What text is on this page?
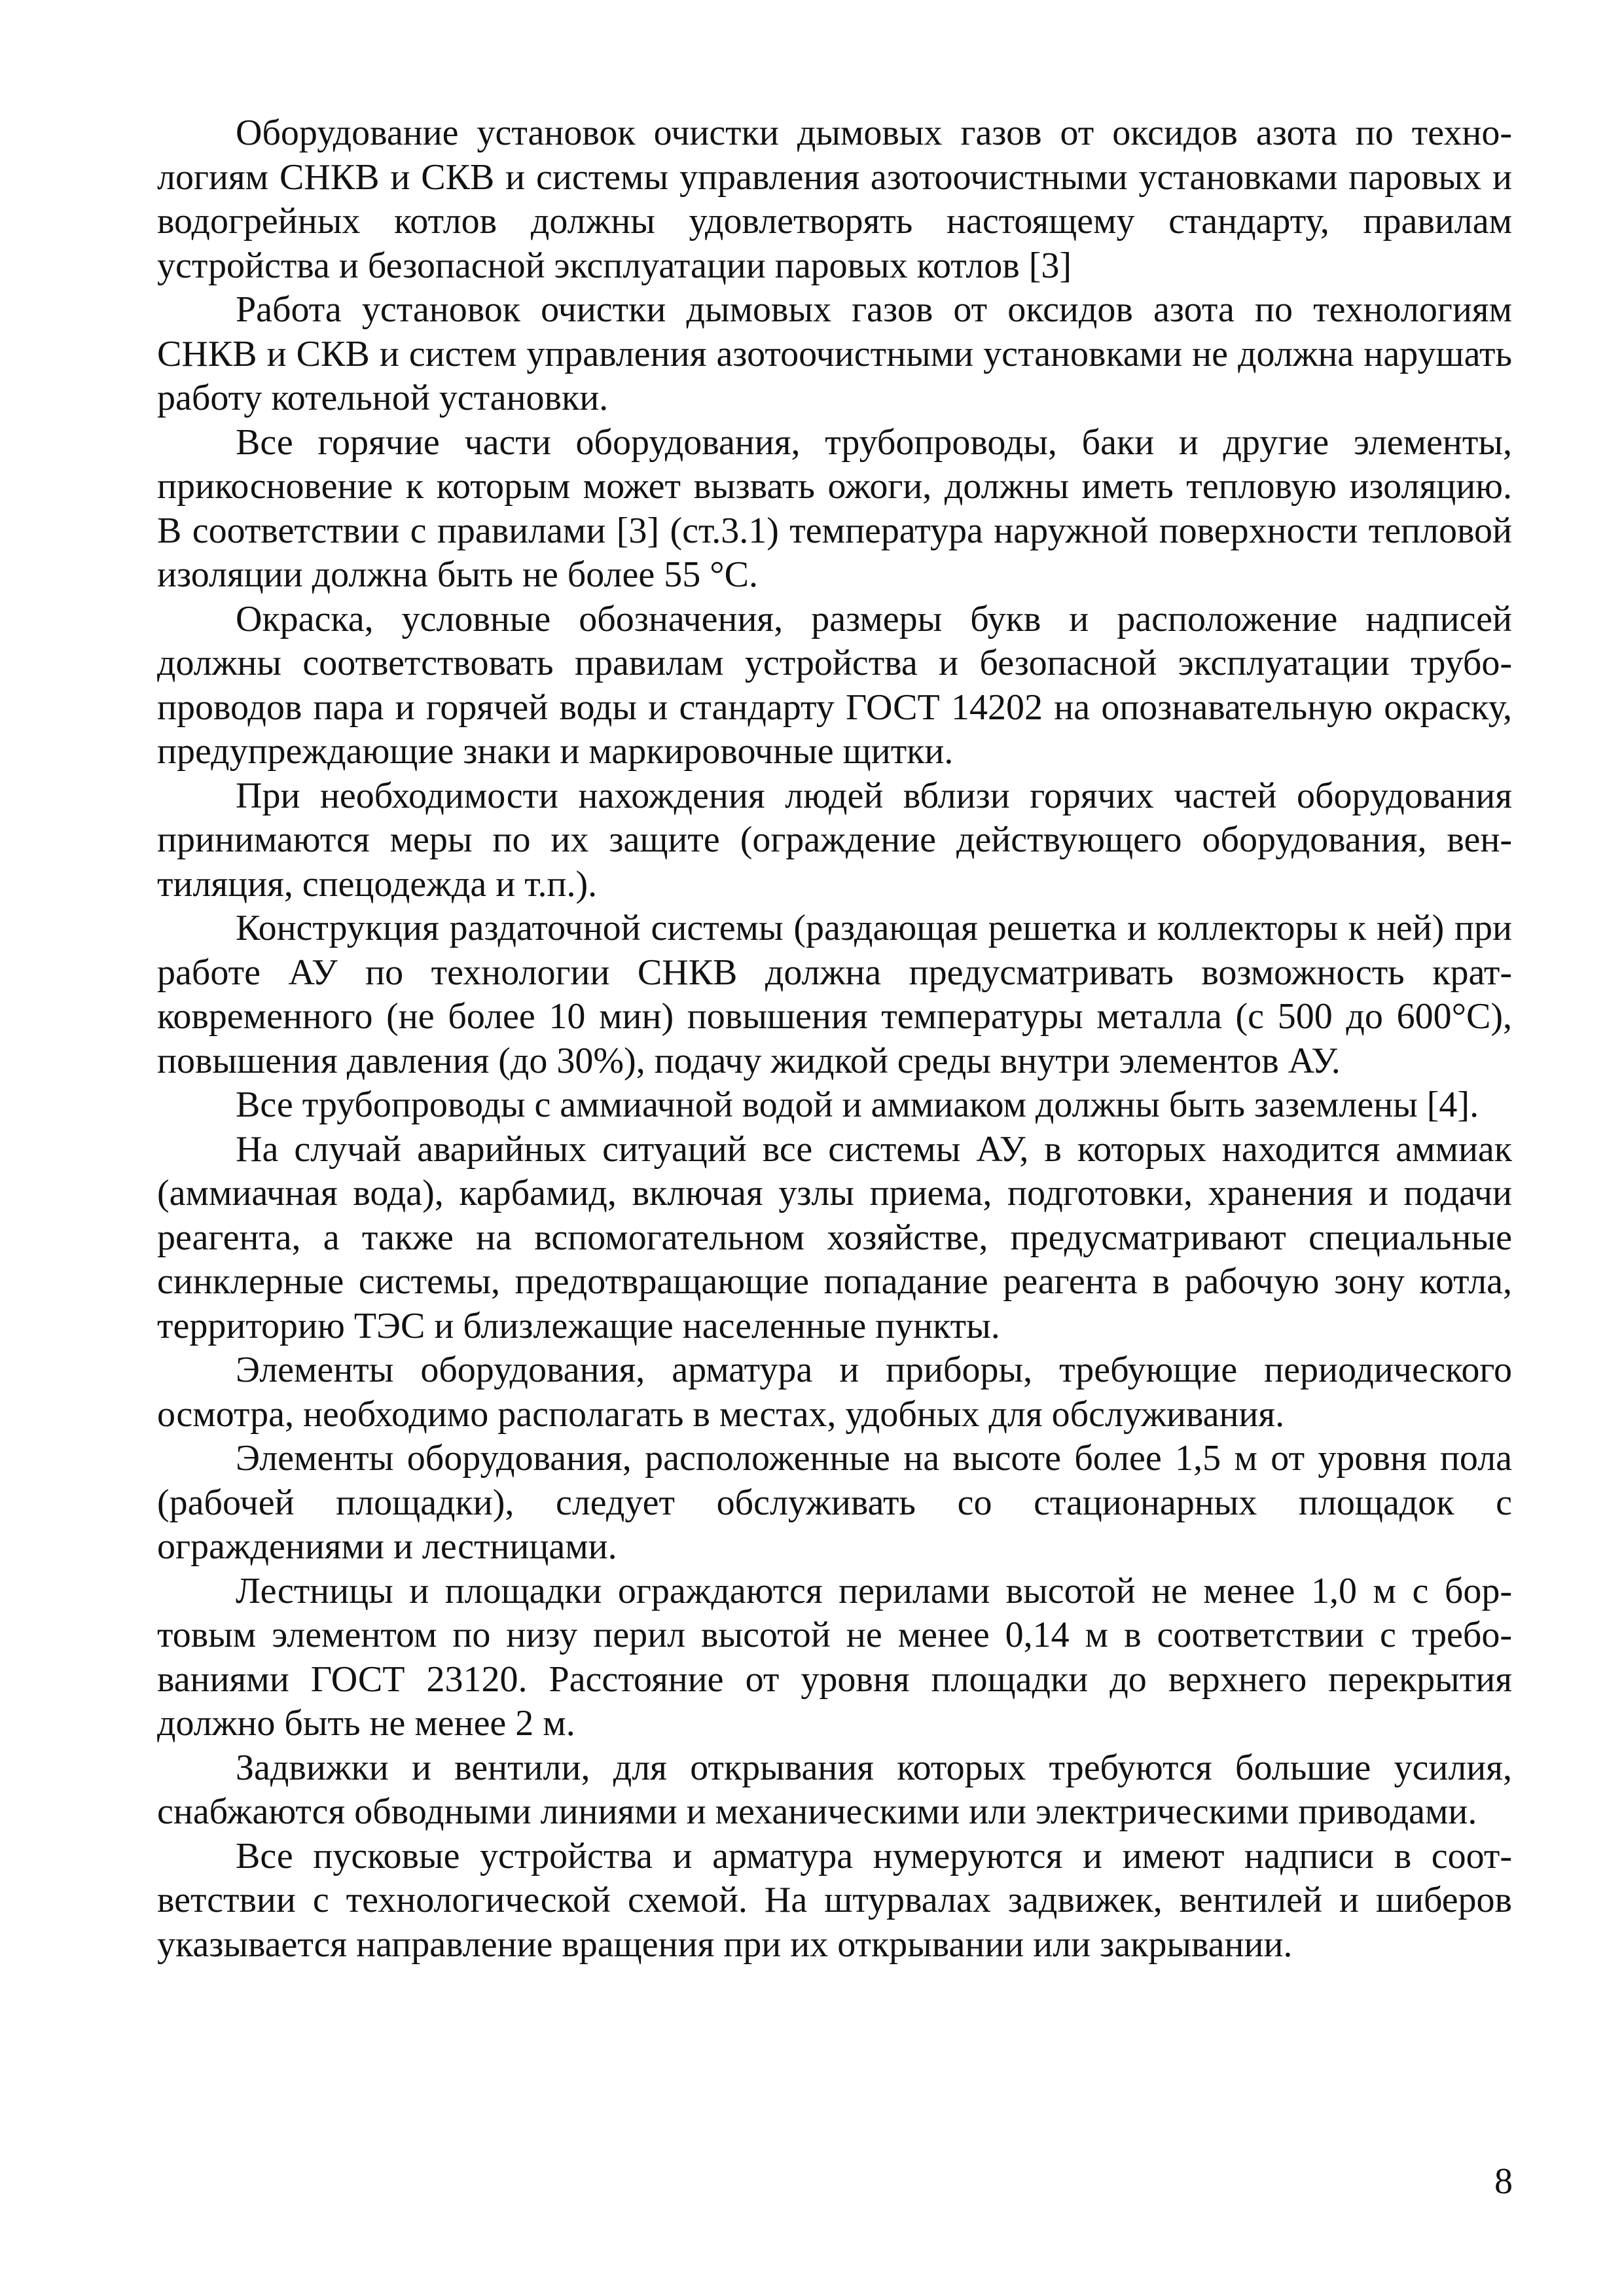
Оборудование установок очистки дымовых газов от оксидов азота по технологиям СНКВ и СКВ и системы управления азотоочистными установками паровых и водогрейных котлов должны удовлетворять настоящему стандарту, правилам устройства и безопасной эксплуатации паровых котлов [3]

Работа установок очистки дымовых газов от оксидов азота по технологиям СНКВ и СКВ и систем управления азотоочистными установками не должна нарушать работу котельной установки.

Все горячие части оборудования, трубопроводы, баки и другие элементы, прикосновение к которым может вызвать ожоги, должны иметь тепловую изоляцию. В соответствии с правилами [3] (ст.3.1) температура наружной поверхности тепловой изоляции должна быть не более 55 °С.

Окраска, условные обозначения, размеры букв и расположение надписей должны соответствовать правилам устройства и безопасной эксплуатации трубопроводов пара и горячей воды и стандарту ГОСТ 14202 на опознавательную окраску, предупреждающие знаки и маркировочные щитки.

При необходимости нахождения людей вблизи горячих частей оборудования принимаются меры по их защите (ограждение действующего оборудования, вентиляция, спецодежда и т.п.).

Конструкция раздаточной системы (раздающая решетка и коллекторы к ней) при работе АУ по технологии СНКВ должна предусматривать возможность кратковременного (не более 10 мин) повышения температуры металла (с 500 до 600°С), повышения давления (до 30%), подачу жидкой среды внутри элементов АУ.

Все трубопроводы с аммиачной водой и аммиаком должны быть заземлены [4].

На случай аварийных ситуаций все системы АУ, в которых находится аммиак (аммиачная вода), карбамид, включая узлы приема, подготовки, хранения и подачи реагента, а также на вспомогательном хозяйстве, предусматривают специальные синклерные системы, предотвращающие попадание реагента в рабочую зону котла, территорию ТЭС и близлежащие населенные пункты.

Элементы оборудования, арматура и приборы, требующие периодического осмотра, необходимо располагать в местах, удобных для обслуживания.

Элементы оборудования, расположенные на высоте более 1,5 м от уровня пола (рабочей площадки), следует обслуживать со стационарных площадок с ограждениями и лестницами.

Лестницы и площадки ограждаются перилами высотой не менее 1,0 м с бортовым элементом по низу перил высотой не менее 0,14 м в соответствии с требованиями ГОСТ 23120. Расстояние от уровня площадки до верхнего перекрытия должно быть не менее 2 м.

Задвижки и вентили, для открывания которых требуются большие усилия, снабжаются обводными линиями и механическими или электрическими приводами.

Все пусковые устройства и арматура нумеруются и имеют надписи в соответствии с технологической схемой. На штурвалах задвижек, вентилей и шиберов указывается направление вращения при их открывании или закрывании.

8
